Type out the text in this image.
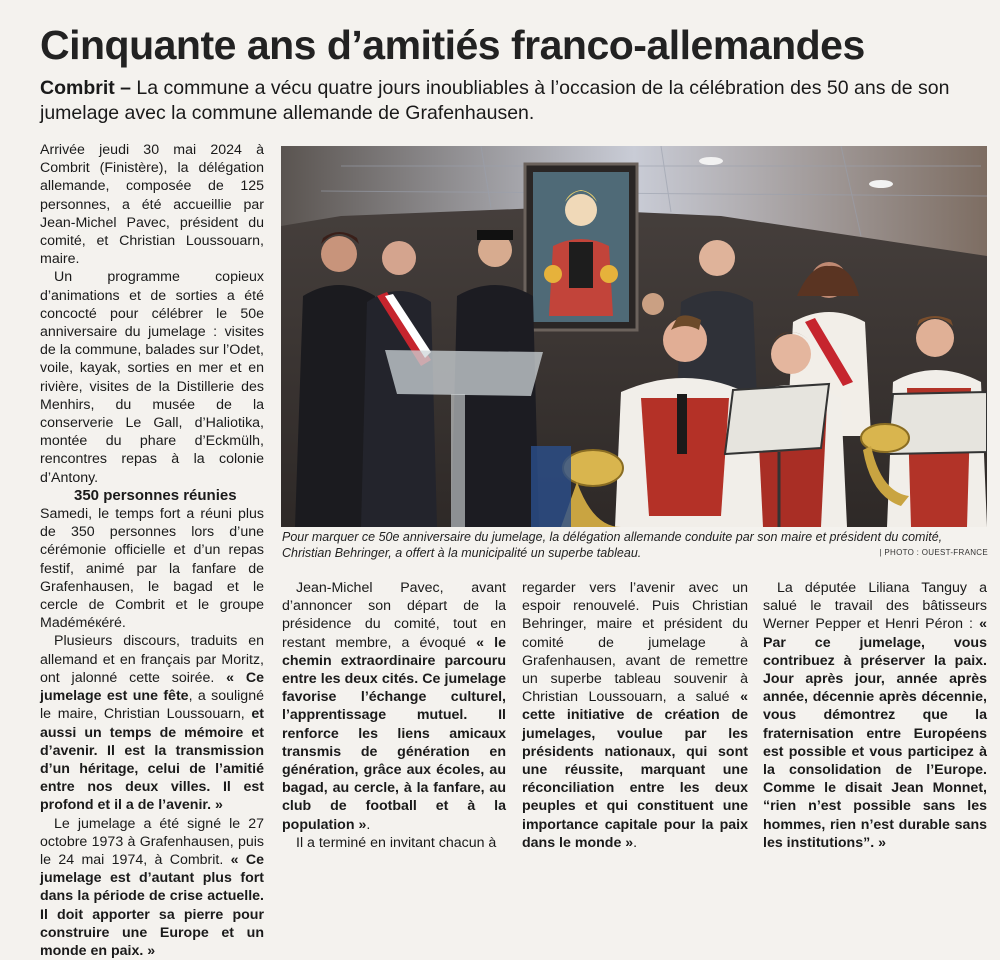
Cinquante ans d’amitiés franco-allemandes

Combrit – La commune a vécu quatre jours inoubliables à l’occasion de la célébration des 50 ans de son jumelage avec la commune allemande de Grafenhausen.

Arrivée jeudi 30 mai 2024 à Combrit (Finistère), la délégation allemande, composée de 125 personnes, a été accueillie par Jean-Michel Pavec, président du comité, et Christian Loussouarn, maire.

Un programme copieux d’animations et de sorties a été concocté pour célébrer le 50e anniversaire du jumelage : visites de la commune, balades sur l’Odet, voile, kayak, sorties en mer et en rivière, visites de la Distillerie des Menhirs, du musée de la conserverie Le Gall, d’Haliotika, montée du phare d’Eckmülh, rencontres repas à la colonie d’Antony.

350 personnes réunies

Samedi, le temps fort a réuni plus de 350 personnes lors d’une cérémonie officielle et d’un repas festif, animé par la fanfare de Grafenhausen, le bagad et le cercle de Combrit et le groupe Madéméкéré.

Plusieurs discours, traduits en allemand et en français par Moritz, ont jalonné cette soirée. « Ce jumelage est une fête, a souligné le maire, Christian Loussouarn, et aussi un temps de mémoire et d’avenir. Il est la transmission d’un héritage, celui de l’amitié entre nos deux villes. Il est profond et il a de l’avenir. »

Le jumelage a été signé le 27 octobre 1973 à Grafenhausen, puis le 24 mai 1974, à Combrit. « Ce jumelage est d’autant plus fort dans la période de crise actuelle. Il doit apporter sa pierre pour construire une Europe et un monde en paix. »

Pour marquer ce 50e anniversaire du jumelage, la délégation allemande conduite par son maire et président du comité, Christian Behringer, a offert à la municipalité un superbe tableau.	| PHOTO : OUEST-FRANCE

Jean-Michel Pavec, avant d’annoncer son départ de la présidence du comité, tout en restant membre, a évoqué « le chemin extraordinaire parcouru entre les deux cités. Ce jumelage favorise l’échange culturel, l’apprentissage mutuel. Il renforce les liens amicaux transmis de génération en génération, grâce aux écoles, au bagad, au cercle, à la fanfare, au club de football et à la population ».

Il a terminé en invitant chacun à

regarder vers l’avenir avec un espoir renouvelé. Puis Christian Behringer, maire et président du comité de jumelage à Grafenhausen, avant de remettre un superbe tableau souvenir à Christian Loussouarn, a salué « cette initiative de création de jumelages, voulue par les présidents nationaux, qui sont une réussite, marquant une réconciliation entre les deux peuples et qui constituent une importance capitale pour la paix dans le monde ».

La députée Liliana Tanguy a salué le travail des bâtisseurs Werner Pepper et Henri Péron : « Par ce jumelage, vous contribuez à préserver la paix. Jour après jour, année après année, décennie après décennie, vous démontrez que la fraternisation entre Européens est possible et vous participez à la consolidation de l’Europe. Comme le disait Jean Monnet, “rien n’est possible sans les hommes, rien n’est durable sans les institutions”. »
